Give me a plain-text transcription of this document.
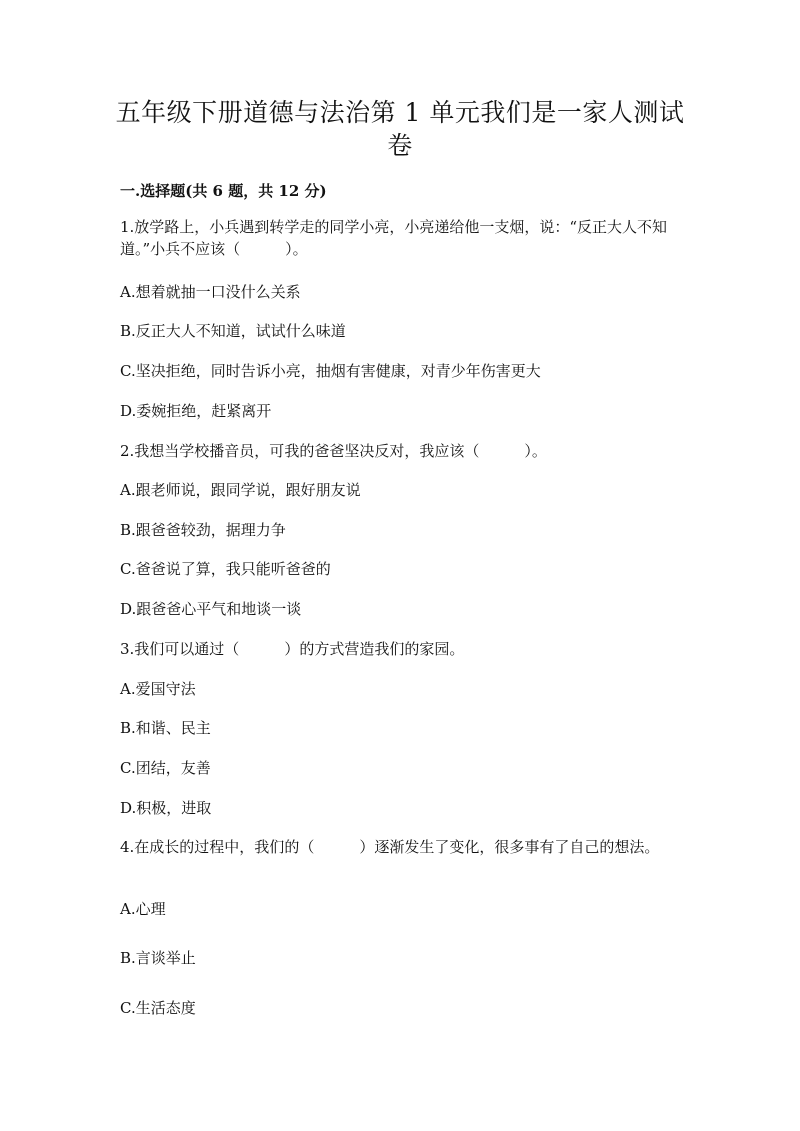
五年级下册道德与法治第 1 单元我们是一家人测试卷
一.选择题(共 6 题，共 12 分)

1.放学路上，小兵遇到转学走的同学小亮，小亮递给他一支烟，说：“反正大人不知道。”小兵不应该（　　　）。

A.想着就抽一口没什么关系

B.反正大人不知道，试试什么味道

C.坚决拒绝，同时告诉小亮，抽烟有害健康，对青少年伤害更大

D.委婉拒绝，赶紧离开

2.我想当学校播音员，可我的爸爸坚决反对，我应该（　　　）。

A.跟老师说，跟同学说，跟好朋友说

B.跟爸爸较劲，据理力争

C.爸爸说了算，我只能听爸爸的

D.跟爸爸心平气和地谈一谈

3.我们可以通过（　　　）的方式营造我们的家园。

A.爱国守法

B.和谐、民主

C.团结，友善

D.积极，进取

4.在成长的过程中，我们的（　　　）逐渐发生了变化，很多事有了自己的想法。

A.心理

B.言谈举止

C.生活态度
